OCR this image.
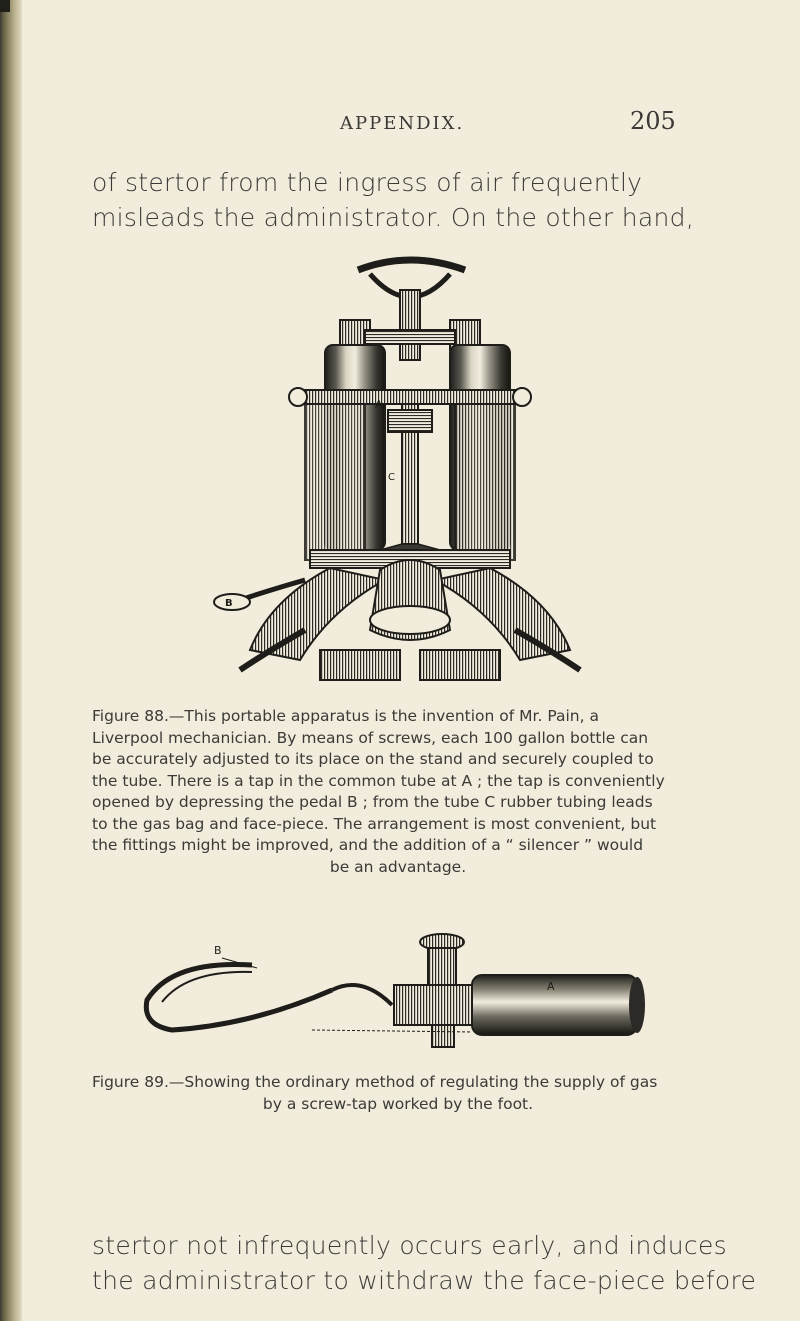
APPENDIX.	205
of stertor from the ingress of air frequently
misleads the administrator. On the other hand,
A
C
B
Figure 88.—This portable apparatus is the invention of Mr. Pain, a
Liverpool mechanician. By means of screws, each 100 gallon bottle can
be accurately adjusted to its place on the stand and securely coupled to
the tube. There is a tap in the common tube at A ; the tap is conveniently
opened by depressing the pedal B ; from the tube C rubber tubing leads
to the gas bag and face-piece. The arrangement is most convenient, but
the fittings might be improved, and the addition of a “ silencer ” would
be an advantage.
B
A
Figure 89.—Showing the ordinary method of regulating the supply of gas
by a screw-tap worked by the foot.
stertor not infrequently occurs early, and induces
the administrator to withdraw the face-piece before
